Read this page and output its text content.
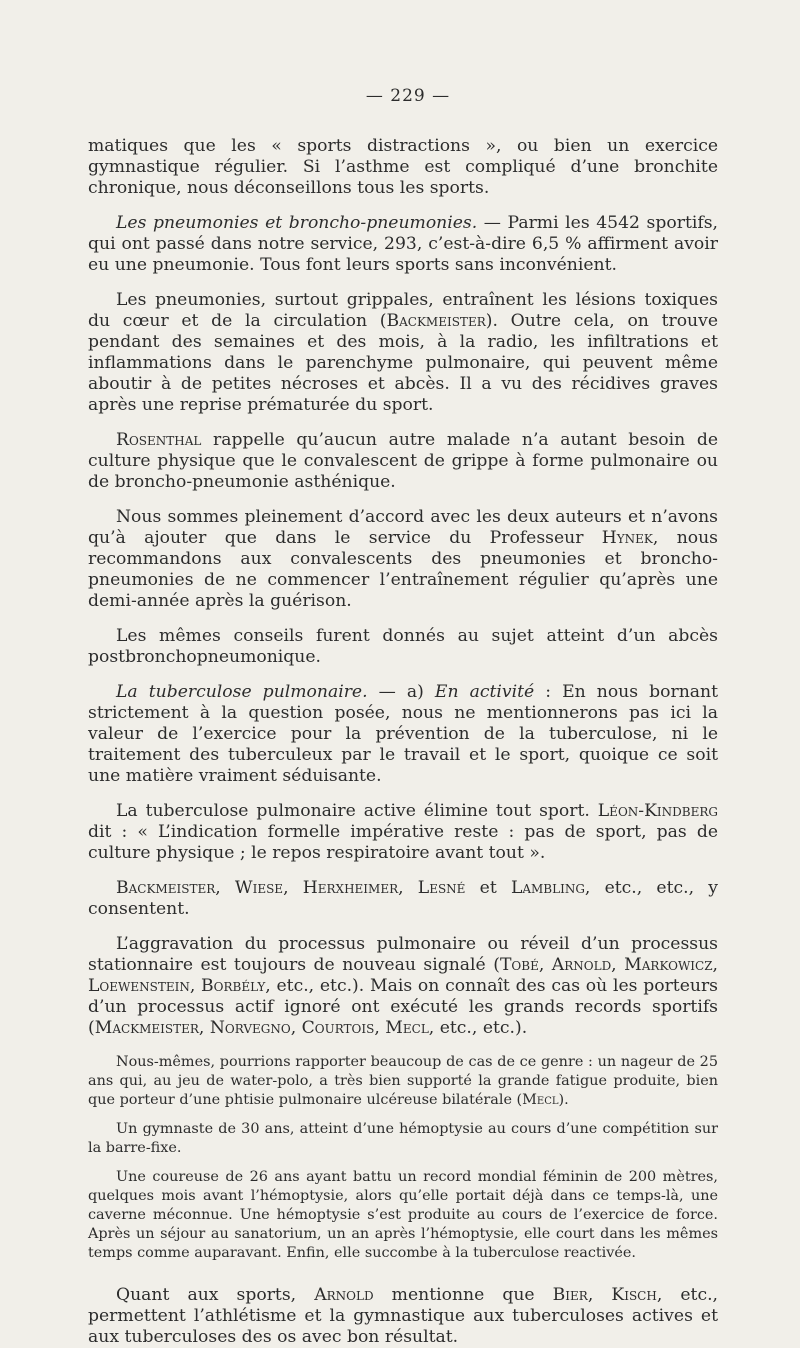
— 229 —

matiques que les « sports distractions », ou bien un exercice gymnastique régulier. Si l’asthme est compliqué d’une bronchite chronique, nous déconseillons tous les sports.

Les pneumonies et broncho-pneumonies. — Parmi les 4542 sportifs, qui ont passé dans notre service, 293, c’est-à-dire 6,5 % affirment avoir eu une pneumonie. Tous font leurs sports sans inconvénient.

Les pneumonies, surtout grippales, entraînent les lésions toxiques du cœur et de la circulation (Backmeister). Outre cela, on trouve pendant des semaines et des mois, à la radio, les infiltrations et inflammations dans le parenchyme pulmonaire, qui peuvent même aboutir à de petites nécroses et abcès. Il a vu des récidives graves après une reprise prématurée du sport.

Rosenthal rappelle qu’aucun autre malade n’a autant besoin de culture physique que le convalescent de grippe à forme pulmonaire ou de broncho-pneumonie asthénique.

Nous sommes pleinement d’accord avec les deux auteurs et n’avons qu’à ajouter que dans le service du Professeur Hynek, nous recommandons aux convalescents des pneumonies et broncho-pneumonies de ne commencer l’entraînement régulier qu’après une demi-année après la guérison.

Les mêmes conseils furent donnés au sujet atteint d’un abcès postbronchopneumonique.

La tuberculose pulmonaire. — a) En activité : En nous bornant strictement à la question posée, nous ne mentionnerons pas ici la valeur de l’exercice pour la prévention de la tuberculose, ni le traitement des tuberculeux par le travail et le sport, quoique ce soit une matière vraiment séduisante.

La tuberculose pulmonaire active élimine tout sport. Léon-Kindberg dit : « L’indication formelle impérative reste : pas de sport, pas de culture physique ; le repos respiratoire avant tout ».

Backmeister, Wiese, Herxheimer, Lesné et Lambling, etc., etc., y consentent.

L’aggravation du processus pulmonaire ou réveil d’un processus stationnaire est toujours de nouveau signalé (Tobé, Arnold, Markowicz, Loewenstein, Borbély, etc., etc.). Mais on connaît des cas où les porteurs d’un processus actif ignoré ont exécuté les grands records sportifs (Mackmeister, Norvegno, Courtois, Mecl, etc., etc.).

Nous-mêmes, pourrions rapporter beaucoup de cas de ce genre : un nageur de 25 ans qui, au jeu de water-polo, a très bien supporté la grande fatigue produite, bien que porteur d’une phtisie pulmonaire ulcéreuse bilatérale (Mecl).

Un gymnaste de 30 ans, atteint d’une hémoptysie au cours d’une compétition sur la barre-fixe.

Une coureuse de 26 ans ayant battu un record mondial féminin de 200 mètres, quelques mois avant l’hémoptysie, alors qu’elle portait déjà dans ce temps-là, une caverne méconnue. Une hémoptysie s’est produite au cours de l’exercice de force. Après un séjour au sanatorium, un an après l’hémoptysie, elle court dans les mêmes temps comme auparavant. Enfin, elle succombe à la tuberculose reactivée.

Quant aux sports, Arnold mentionne que Bier, Kisch, etc., permettent l’athlétisme et la gymnastique aux tuberculoses actives et aux tuberculoses des os avec bon résultat.
